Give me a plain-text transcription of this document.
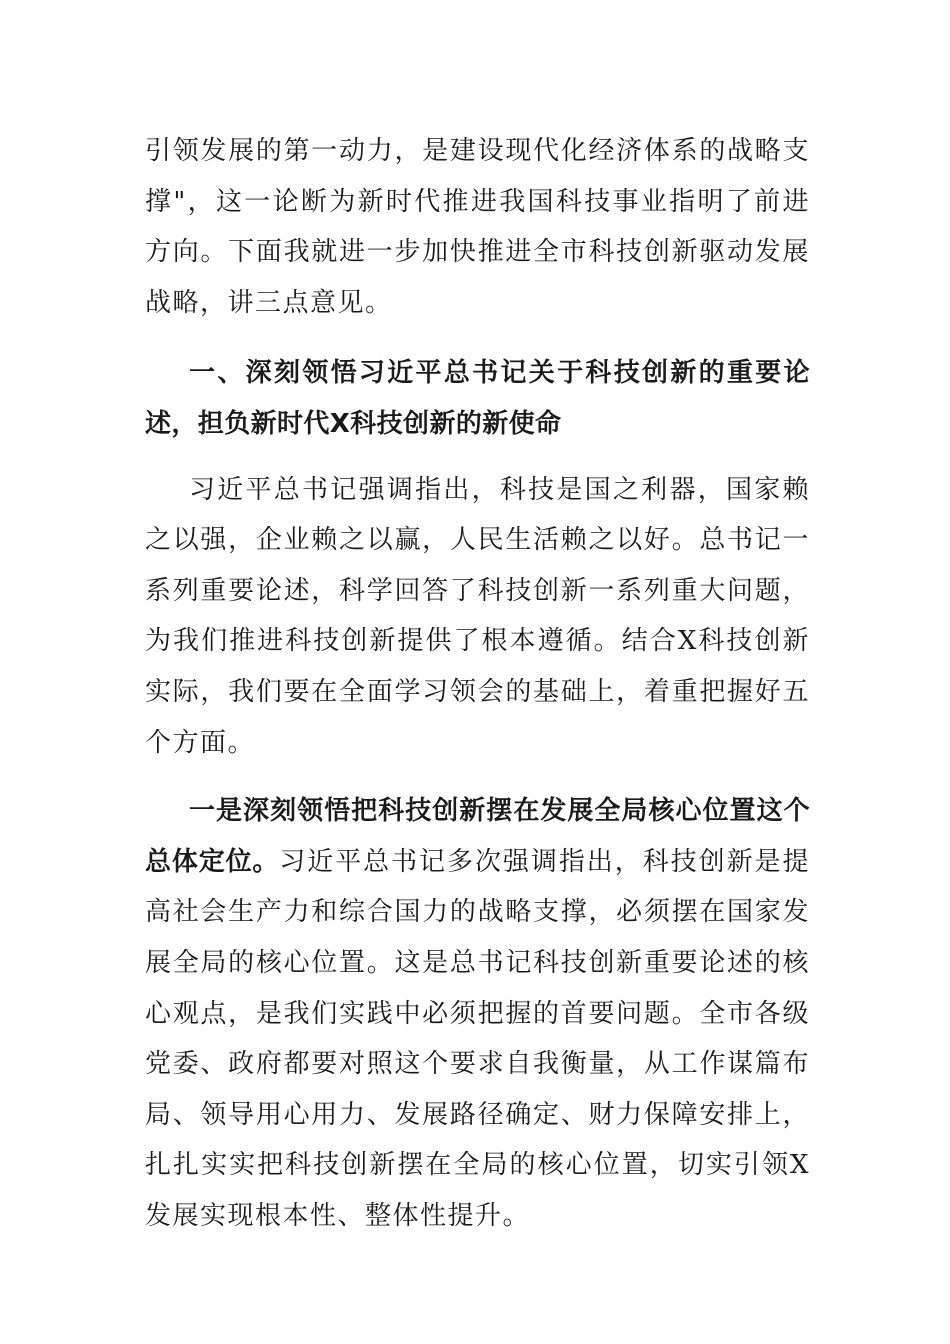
引领发展的第一动力，是建设现代化经济体系的战略支撑"，这一论断为新时代推进我国科技事业指明了前进方向。下面我就进一步加快推进全市科技创新驱动发展战略，讲三点意见。

一、深刻领悟习近平总书记关于科技创新的重要论述，担负新时代X科技创新的新使命

习近平总书记强调指出，科技是国之利器，国家赖之以强，企业赖之以赢，人民生活赖之以好。总书记一系列重要论述，科学回答了科技创新一系列重大问题，为我们推进科技创新提供了根本遵循。结合X科技创新实际，我们要在全面学习领会的基础上，着重把握好五个方面。

一是深刻领悟把科技创新摆在发展全局核心位置这个总体定位。习近平总书记多次强调指出，科技创新是提高社会生产力和综合国力的战略支撑，必须摆在国家发展全局的核心位置。这是总书记科技创新重要论述的核心观点，是我们实践中必须把握的首要问题。全市各级党委、政府都要对照这个要求自我衡量，从工作谋篇布局、领导用心用力、发展路径确定、财力保障安排上，扎扎实实把科技创新摆在全局的核心位置，切实引领X发展实现根本性、整体性提升。
